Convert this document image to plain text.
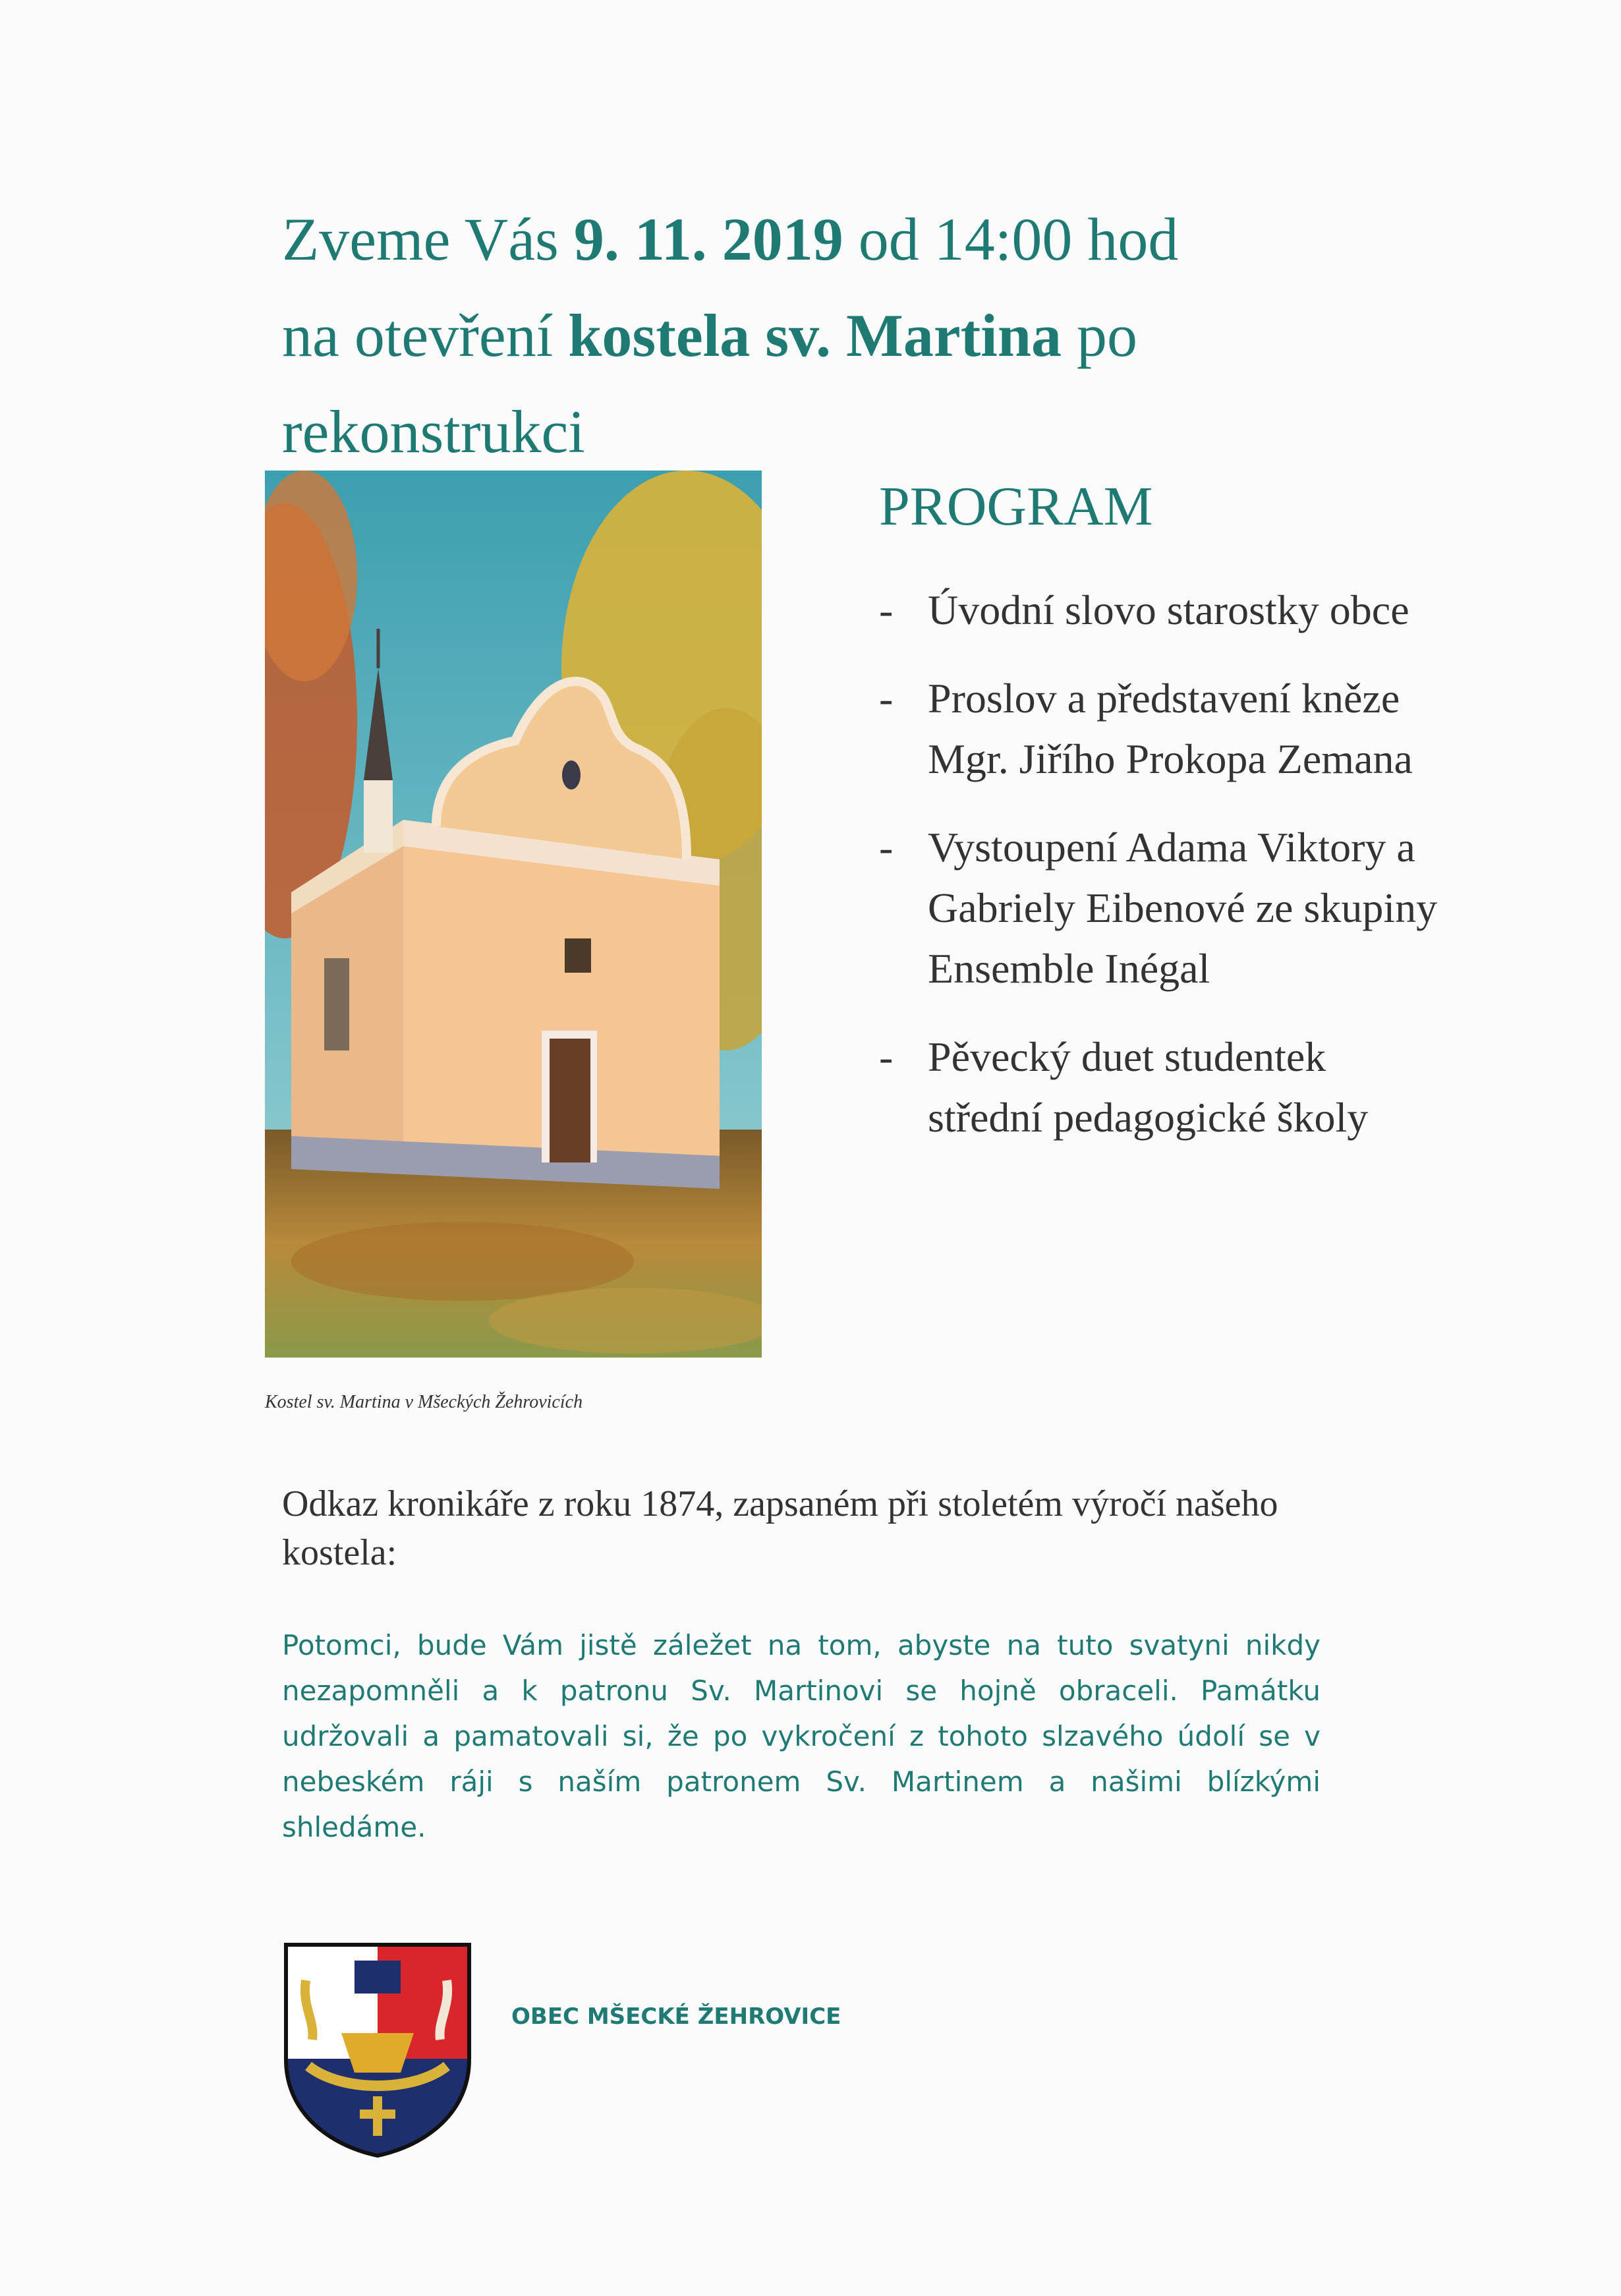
Zveme Vás 9. 11. 2019 od 14:00 hod
na otevření kostela sv. Martina po
rekonstrukci
Kostel sv. Martina v Mšeckých Žehrovicích
PROGRAM
- Úvodní slovo starostky obce
- Proslov a představení kněze Mgr. Jiřího Prokopa Zemana
- Vystoupení Adama Viktory a Gabriely Eibenové ze skupiny Ensemble Inégal
- Pěvecký duet studentek střední pedagogické školy

Odkaz kronikáře z roku 1874, zapsaném při stoletém výročí našeho kostela:

Potomci, bude Vám jistě záležet na tom, abyste na tuto svatyni nikdy nezapomněli a k patronu Sv. Martinovi se hojně obraceli. Památku udržovali a pamatovali si, že po vykročení z tohoto slzavého údolí se v nebeském ráji s naším patronem Sv. Martinem a našimi blízkými shledáme.

OBEC MŠECKÉ ŽEHROVICE
